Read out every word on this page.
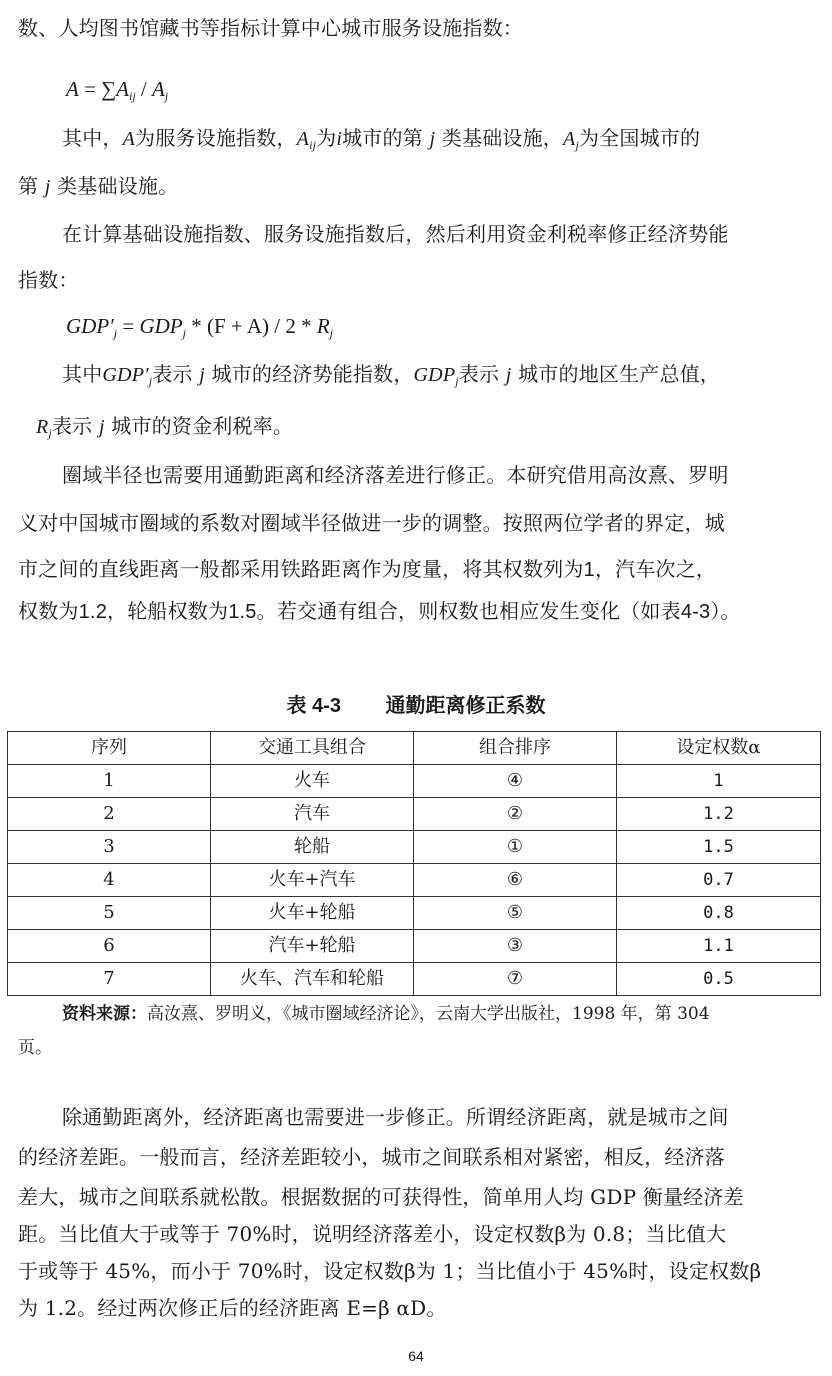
数、人均图书馆藏书等指标计算中心城市服务设施指数：
$A = \sum A_{ij} / A_j$
其中，A为服务设施指数，$A_{ij}$为i城市的第 j 类基础设施，$A_j$为全国城市的
第 j 类基础设施。
在计算基础设施指数、服务设施指数后，然后利用资金利税率修正经济势能
指数：
$GDP'_j = GDP_j * (F + A) / 2 * R_j$
其中$GDP'_j$表示 j 城市的经济势能指数，$GDP_j$表示 j 城市的地区生产总值，
$R_j$表示 j 城市的资金利税率。
圈域半径也需要用通勤距离和经济落差进行修正。本研究借用高汝熹、罗明
义对中国城市圈域的系数对圈域半径做进一步的调整。按照两位学者的界定，城
市之间的直线距离一般都采用铁路距离作为度量，将其权数列为1，汽车次之，
权数为1.2，轮船权数为1.5。若交通有组合，则权数也相应发生变化（如表4-3）。
表 4-3        通勤距离修正系数
序列	交通工具组合	组合排序	设定权数α
1	火车	④	1
2	汽车	②	1.2
3	轮船	①	1.5
4	火车+汽车	⑥	0.7
5	火车+轮船	⑤	0.8
6	汽车+轮船	③	1.1
7	火车、汽车和轮船	⑦	0.5
资料来源：高汝熹、罗明义，《城市圈域经济论》，云南大学出版社，1998 年，第 304
页。
除通勤距离外，经济距离也需要进一步修正。所谓经济距离，就是城市之间
的经济差距。一般而言，经济差距较小，城市之间联系相对紧密，相反，经济落
差大，城市之间联系就松散。根据数据的可获得性，简单用人均 GDP 衡量经济差
距。当比值大于或等于 70%时，说明经济落差小，设定权数β为 0.8；当比值大
于或等于 45%，而小于 70%时，设定权数β为 1；当比值小于 45%时，设定权数β
为 1.2。经过两次修正后的经济距离 E=β αD。
64
